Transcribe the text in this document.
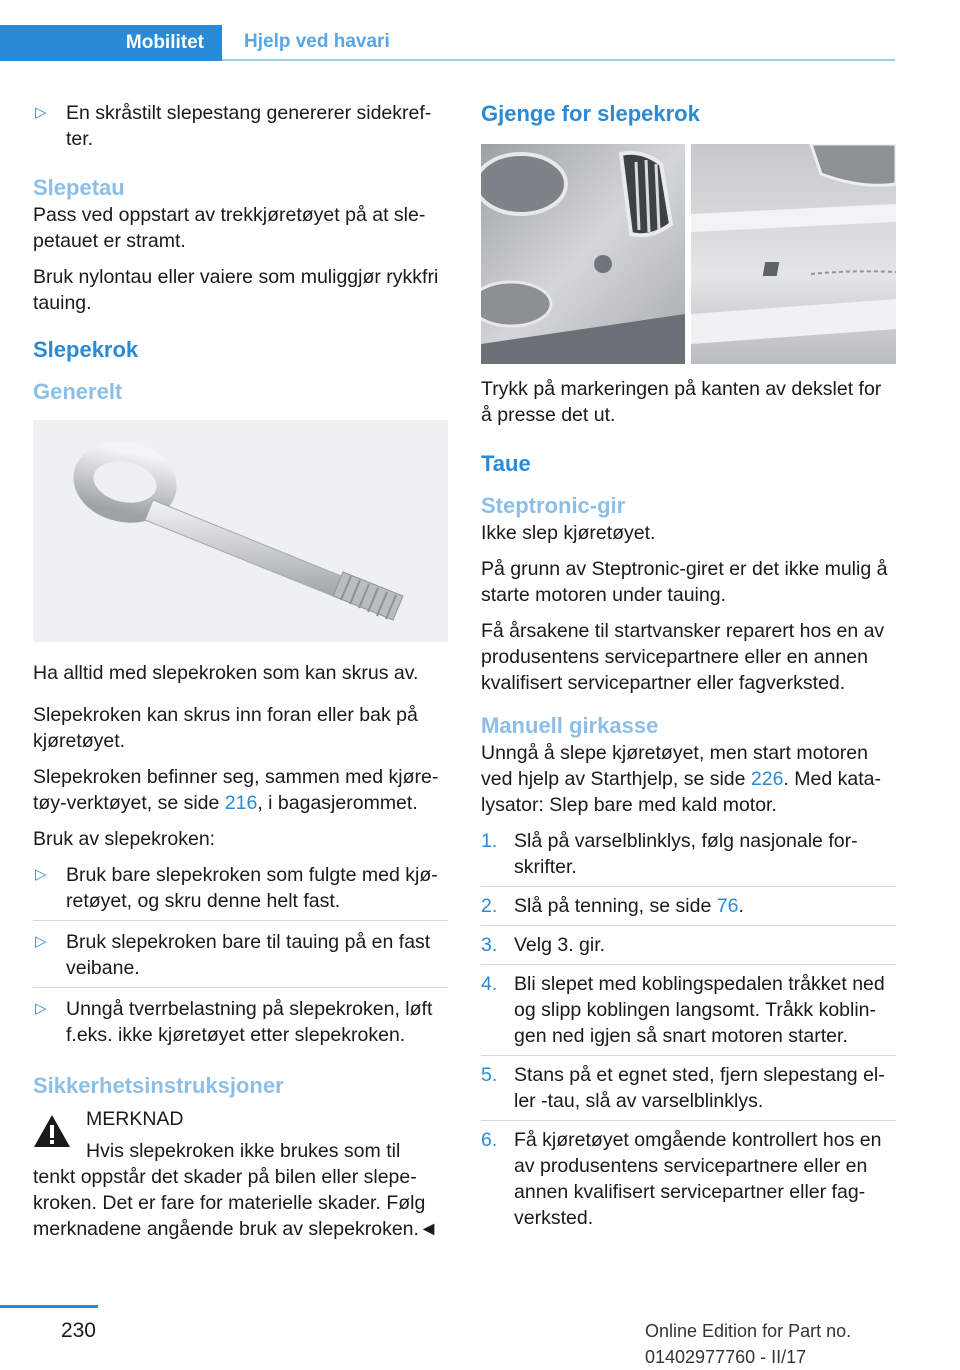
Mobilitet	Hjelp ved havari
▷ En skråstilt slepestang genererer sidekrefter.
Slepetau

Pass ved oppstart av trekkjøretøyet på at slepetauet er stramt.

Bruk nylontau eller vaiere som muliggjør rykkfri tauing.

Slepekrok
Generelt

Ha alltid med slepekroken som kan skrus av.

Slepekroken kan skrus inn foran eller bak på kjøretøyet.

Slepekroken befinner seg, sammen med kjøretøy-verktøyet, se side 216, i bagasjerommet.

Bruk av slepekroken:

▷ Bruk bare slepekroken som fulgte med kjøretøyet, og skru denne helt fast.
▷ Bruk slepekroken bare til tauing på en fast veibane.
▷ Unngå tverrbelastning på slepekroken, løft f.eks. ikke kjøretøyet etter slepekroken.
Sikkerhetsinstruksjoner

MERKNAD

Hvis slepekroken ikke brukes som til

tenkt oppstår det skader på bilen eller slepekroken. Det er fare for materielle skader. Følg merknadene angående bruk av slepekroken.◄

Gjenge for slepekrok

Trykk på markeringen på kanten av dekslet for å presse det ut.

Taue
Steptronic-gir

Ikke slep kjøretøyet.

På grunn av Steptronic-giret er det ikke mulig å starte motoren under tauing.

Få årsakene til startvansker reparert hos en av produsentens servicepartnere eller en annen kvalifisert servicepartner eller fagverksted.

Manuell girkasse

Unngå å slepe kjøretøyet, men start motoren ved hjelp av Starthjelp, se side 226. Med katalysator: Slep bare med kald motor.

1. Slå på varselblinklys, følg nasjonale forskrifter.
2. Slå på tenning, se side 76.
3. Velg 3. gir.
4. Bli slepet med koblingspedalen tråkket ned og slipp koblingen langsomt. Tråkk koblingen ned igjen så snart motoren starter.
5. Stans på et egnet sted, fjern slepestang eller -tau, slå av varselblinklys.
6. Få kjøretøyet omgående kontrollert hos en av produsentens servicepartnere eller en annen kvalifisert servicepartner eller fagverksted.
230	Online Edition for Part no. 01402977760 - II/17
